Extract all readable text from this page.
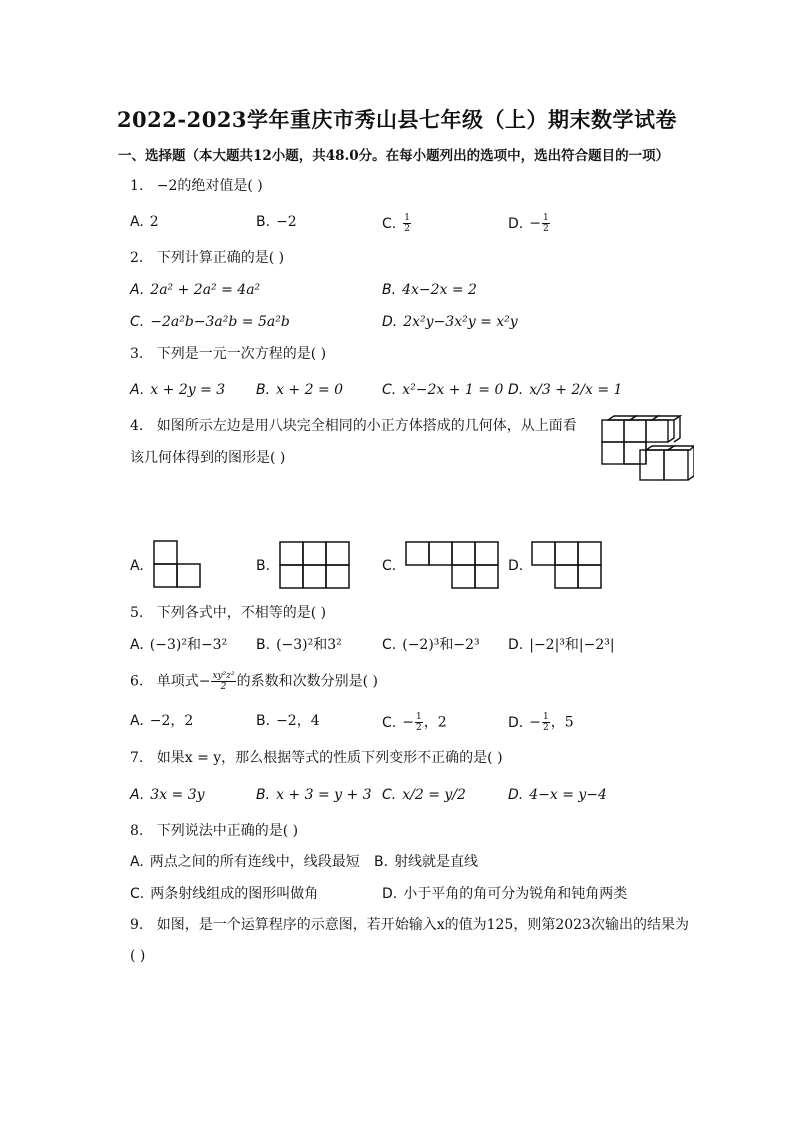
2022-2023学年重庆市秀山县七年级（上）期末数学试卷
一、选择题（本大题共12小题，共48.0分。在每小题列出的选项中，选出符合题目的一项）
1. −2的绝对值是( )
A. 2	B. −2	C. $\frac{1}{2}$	D. − $\frac{1}{2}$
2. 下列计算正确的是( )
A. 2a² + 2a² = 4a²	B. 4x−2x = 2
C. −2a²b−3a²b = 5a²b	D. 2x²y−3x²y = x²y
3. 下列是一元一次方程的是( )
A. x + 2y = 3 B. x + 2 = 0	C. x²−2x + 1 = 0 D. x/3 + 2/x = 1
4. 如图所示左边是用八块完全相同的小正方体搭成的几何体，从上面看
该几何体得到的图形是( )
A.	B.	C.	D.
5. 下列各式中，不相等的是( )
A. (−3)²和−3² B. (−3)²和3²	C. (−2)³和−2³ D. |−2|³和|−2³|
6. 单项式− $\frac{\text{xy²z²}}{2}$ 的系数和次数分别是( )
A. −2，2	B. −2，4	C. − $\frac{1}{2}$ ，2	D. − $\frac{1}{2}$ ，5
7. 如果x = y，那么根据等式的性质下列变形不正确的是( )
A. 3x = 3y	B. x + 3 = y + 3 C. x/2 = y/2	D. 4−x = y−4
8. 下列说法中正确的是( )
A. 两点之间的所有连线中，线段最短 B. 射线就是直线
C. 两条射线组成的图形叫做角	D. 小于平角的角可分为锐角和钝角两类
9. 如图，是一个运算程序的示意图，若开始输入x的值为125，则第2023次输出的结果为
( )
